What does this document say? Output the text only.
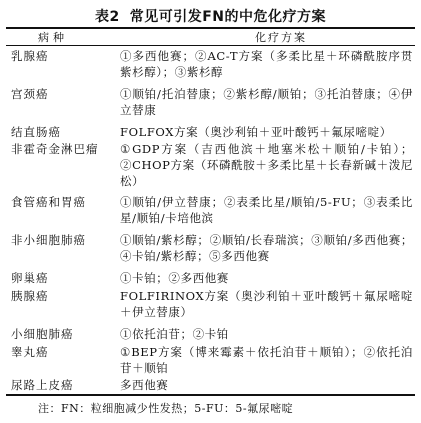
表2 常见可引发FN的中危化疗方案
病种	化疗方案
乳腺癌	①多西他赛；②AC-T方案（多柔比星＋环磷酰胺序贯紫杉醇）；③紫杉醇
宫颈癌	①顺铂/托泊替康；②紫杉醇/顺铂；③托泊替康；④伊立替康
结直肠癌	FOLFOX方案（奥沙利铂＋亚叶酸钙＋氟尿嘧啶）
非霍奇金淋巴瘤 ①GDP方案（吉西他滨＋地塞米松＋顺铂/卡铂）；②CHOP方案（环磷酰胺＋多柔比星＋长春新碱＋泼尼松）
食管癌和胃癌	①顺铂/伊立替康；②表柔比星/顺铂/5-FU；③表柔比星/顺铂/卡培他滨
非小细胞肺癌	①顺铂/紫杉醇；②顺铂/长春瑞滨；③顺铂/多西他赛；④卡铂/紫杉醇；⑤多西他赛
卵巢癌	①卡铂；②多西他赛
胰腺癌	FOLFIRINOX方案（奥沙利铂＋亚叶酸钙＋氟尿嘧啶＋伊立替康）
小细胞肺癌	①依托泊苷；②卡铂
睾丸癌	①BEP方案（博来霉素＋依托泊苷＋顺铂）；②依托泊苷＋顺铂
尿路上皮癌	多西他赛
注：FN：粒细胞减少性发热；5-FU：5-氟尿嘧啶
